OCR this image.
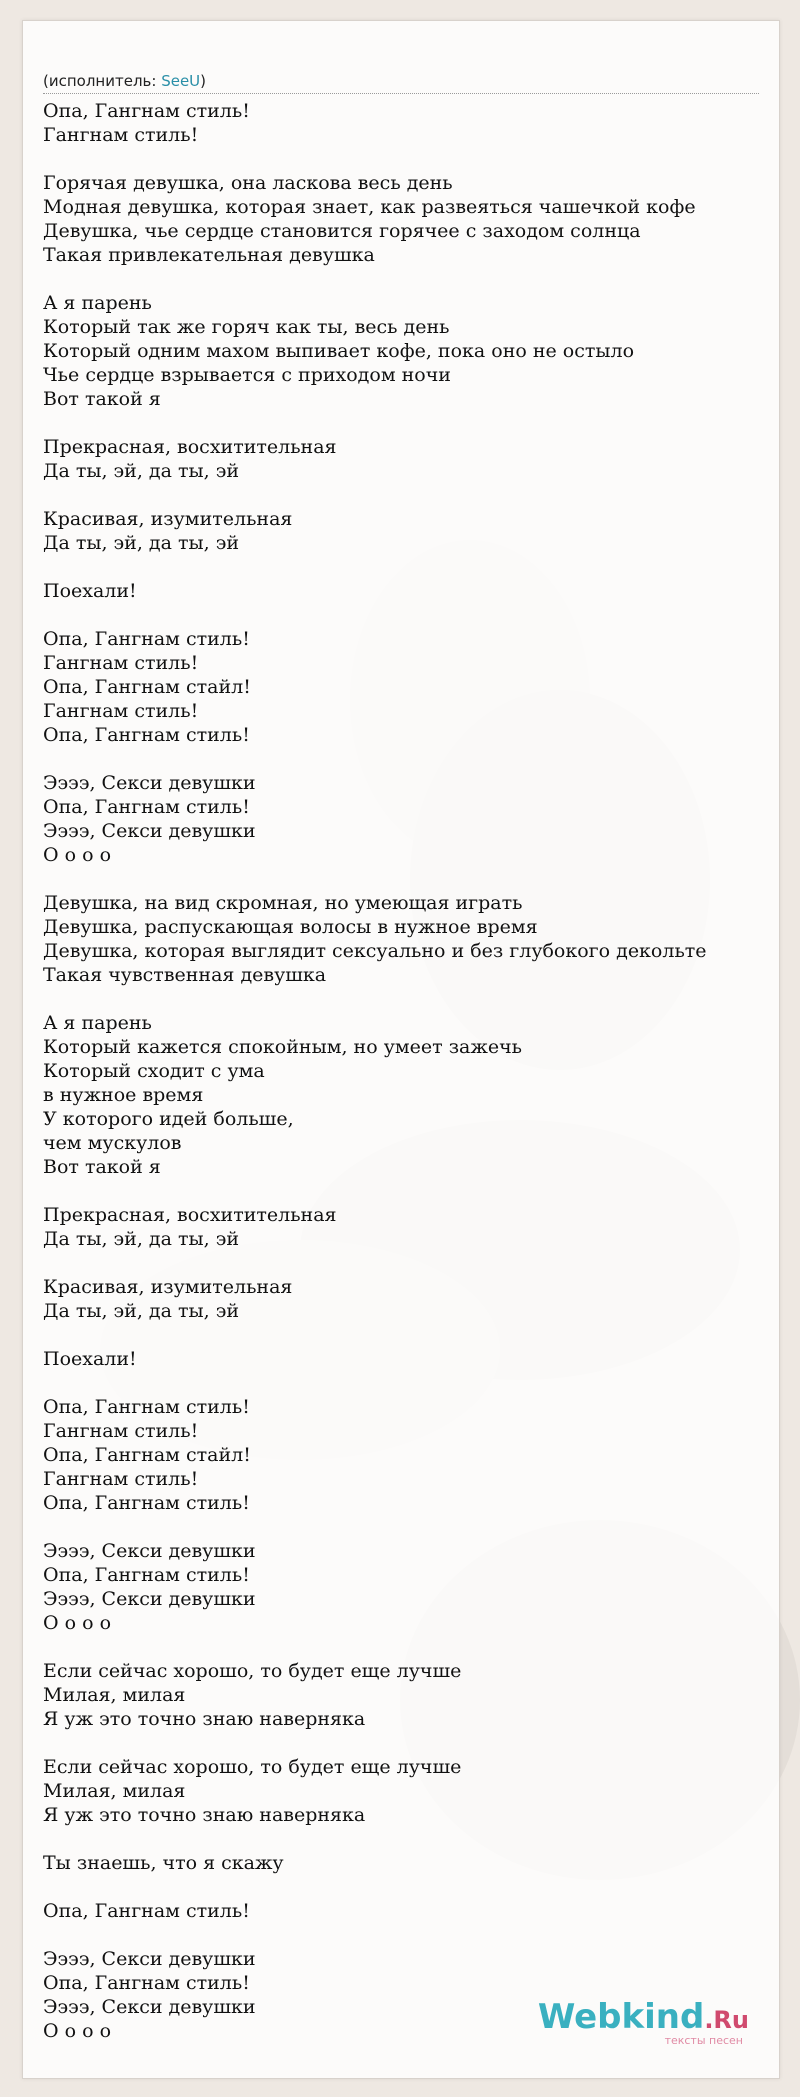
(исполнитель: SeeU)
Опа, Гангнам стиль!
Гангнам стиль!
Горячая девушка, она ласкова весь день
Модная девушка, которая знает, как развеяться чашечкой кофе
Девушка, чье сердце становится горячее с заходом солнца
Такая привлекательная девушка
А я парень
Который так же горяч как ты, весь день
Который одним махом выпивает кофе, пока оно не остыло
Чье сердце взрывается с приходом ночи
Вот такой я
Прекрасная, восхитительная
Да ты, эй, да ты, эй
Красивая, изумительная
Да ты, эй, да ты, эй
Поехали!
Опа, Гангнам стиль!
Гангнам стиль!
Опа, Гангнам стайл!
Гангнам стиль!
Опа, Гангнам стиль!
Ээээ, Секси девушки
Опа, Гангнам стиль!
Ээээ, Секси девушки
О о о о
Девушка, на вид скромная, но умеющая играть
Девушка, распускающая волосы в нужное время
Девушка, которая выглядит сексуально и без глубокого декольте
Такая чувственная девушка
А я парень
Который кажется спокойным, но умеет зажечь
Который сходит с ума
в нужное время
У которого идей больше,
чем мускулов
Вот такой я
Прекрасная, восхитительная
Да ты, эй, да ты, эй
Красивая, изумительная
Да ты, эй, да ты, эй
Поехали!
Опа, Гангнам стиль!
Гангнам стиль!
Опа, Гангнам стайл!
Гангнам стиль!
Опа, Гангнам стиль!
Ээээ, Секси девушки
Опа, Гангнам стиль!
Ээээ, Секси девушки
О о о о
Если сейчас хорошо, то будет еще лучше
Милая, милая
Я уж это точно знаю наверняка
Если сейчас хорошо, то будет еще лучше
Милая, милая
Я уж это точно знаю наверняка
Ты знаешь, что я скажу
Опа, Гангнам стиль!
Ээээ, Секси девушки
Опа, Гангнам стиль!
Ээээ, Секси девушки
О о о о	Webkind.Ru
тексты песен
